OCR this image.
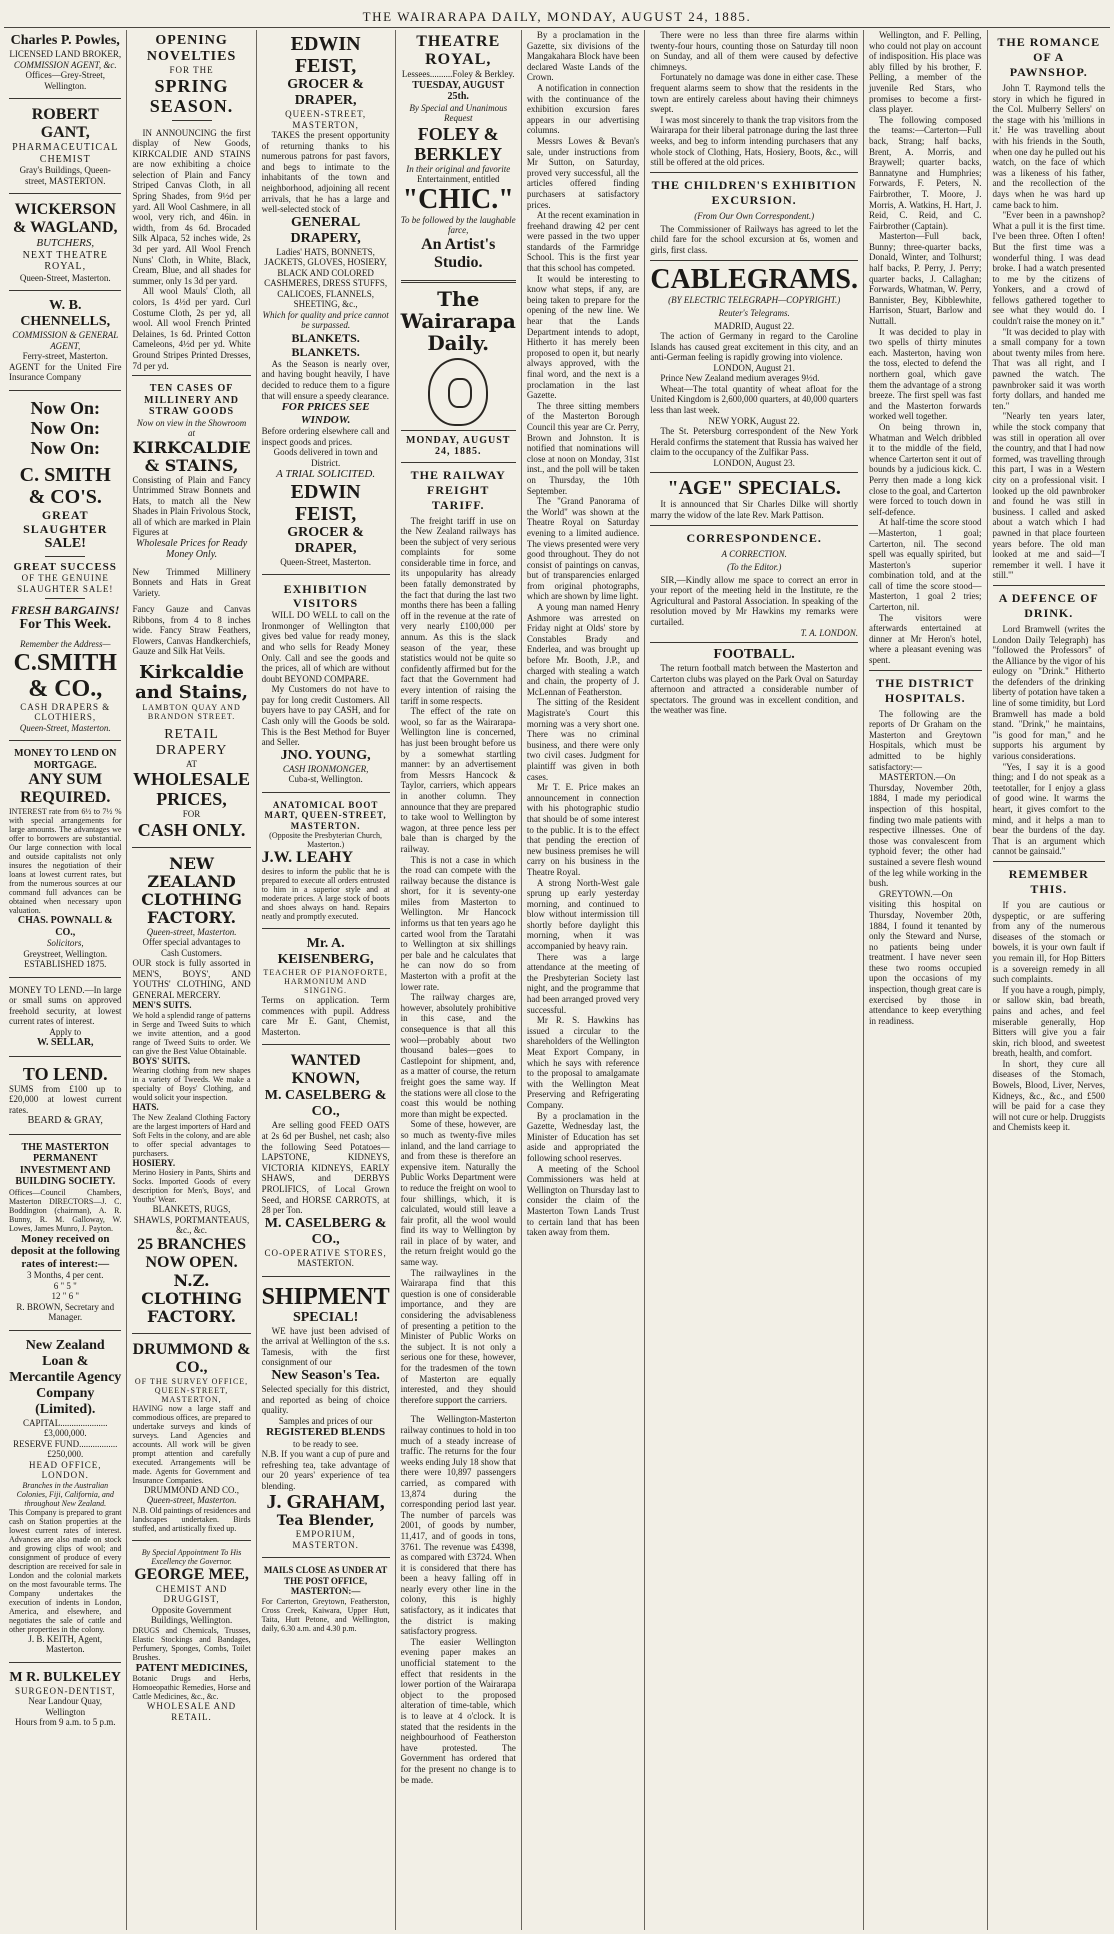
THE WAIRARAPA DAILY, MONDAY, AUGUST 24, 1885.
Charles P. Powles,
LICENSED LAND BROKER,
COMMISSION AGENT, &c.
Offices—Grey-Street, Wellington.
ROBERT GANT,
PHARMACEUTICAL CHEMIST
Gray's Buildings, Queen-street, MASTERTON.
WICKERSON & WAGLAND,
BUTCHERS,
NEXT THEATRE ROYAL,
Queen-Street, Masterton.
W. B. CHENNELLS,
COMMISSION & GENERAL AGENT,
Ferry-street, Masterton.
AGENT for the United Fire Insurance Company
Now On:
Now On:
Now On:
C. SMITH & CO'S.
GREAT SLAUGHTER
SALE!
GREAT SUCCESS
OF THE GENUINE SLAUGHTER SALE!
FRESH BARGAINS!
For This Week.
Remember the Address—
C.SMITH & CO.,
CASH DRAPERS & CLOTHIERS,
Queen-Street, Masterton.
MONEY TO LEND ON MORTGAGE.
ANY SUM REQUIRED.
INTEREST rate from 6½ to 7½ % with special arrangements for large amounts. The advantages we offer to borrowers are substantial. Our large connection with local and outside capitalists not only insures the negotiation of their loans at lowest current rates, but from the numerous sources at our command full advances can be obtained when necessary upon valuation.
CHAS. POWNALL & CO.,
Solicitors,
Greystreet, Wellington.
ESTABLISHED 1875.
MONEY TO LEND.—In large or small sums on approved freehold security, at lowest current rates of interest.
Apply to
W. SELLAR,
TO LEND.
SUMS from £100 up to £20,000 at lowest current rates.
BEARD & GRAY,
THE MASTERTON PERMANENT INVESTMENT AND BUILDING SOCIETY.
Offices—Council Chambers, Masterton DIRECTORS—J. C. Boddington (chairman), A. R. Bunny, R. M. Galloway, W. Lowes, James Munro, J. Payton.
Money received on deposit at the following rates of interest:—
3 Months, 4 per cent.
6 " 5 "
12 " 6 "
R. BROWN, Secretary and Manager.
New Zealand Loan & Mercantile Agency Company (Limited).
CAPITAL.....................£3,000,000.
RESERVE FUND.................£250,000.
HEAD OFFICE, LONDON.
Branches in the Australian Colonies, Fiji, California, and throughout New Zealand.
This Company is prepared to grant cash on Station properties at the lowest current rates of interest. Advances are also made on stock and growing clips of wool; and consignment of produce of every description are received for sale in London and the colonial markets on the most favourable terms. The Company undertakes the execution of indents in London, America, and elsewhere, and negotiates the sale of cattle and other properties in the colony.
J. B. KEITH, Agent,
Masterton.
M R. BULKELEY
SURGEON-DENTIST,
Near Landour Quay, Wellington
Hours from 9 a.m. to 5 p.m.
OPENING NOVELTIES
FOR THE
SPRING SEASON.
IN ANNOUNCING the first display of New Goods, KIRKCALDIE AND STAINS are now exhibiting a choice selection of Plain and Fancy Striped Canvas Cloth, in all Spring Shades, from 9½d per yard. All Wool Cashmere, in all wool, very rich, and 46in. in width, from 4s 6d. Brocaded Silk Alpaca, 52 inches wide, 2s 3d per yard. All Wool French Nuns' Cloth, in White, Black, Cream, Blue, and all shades for summer, only 1s 3d per yard.
All wool Mauls' Cloth, all colors, 1s 4½d per yard. Curl Costume Cloth, 2s per yd, all wool. All wool French Printed Delaines, 1s 6d. Printed Cotton Cameleons, 4½d per yd. White Ground Stripes Printed Dresses, 7d per yd.
TEN CASES OF MILLINERY AND STRAW GOODS
Now on view in the Showroom at
KIRKCALDIE & STAINS,
Consisting of Plain and Fancy Untrimmed Straw Bonnets and Hats, to match all the New Shades in Plain Frivolous Stock, all of which are marked in Plain Figures at
Wholesale Prices for Ready Money Only.
New Trimmed Millinery Bonnets and Hats in Great Variety.
Fancy Gauze and Canvas Ribbons, from 4 to 8 inches wide. Fancy Straw Feathers, Flowers, Canvas Handkerchiefs, Gauze and Silk Hat Veils.
Kirkcaldie and Stains,
LAMBTON QUAY AND BRANDON STREET.
RETAIL DRAPERY
AT
WHOLESALE PRICES,
FOR
CASH ONLY.
NEW ZEALAND CLOTHING FACTORY.
Queen-street, Masterton.
Offer special advantages to Cash Customers.
OUR stock is fully assorted in MEN'S, BOYS', AND YOUTHS' CLOTHING, AND GENERAL MERCERY.
MEN'S SUITS.
We hold a splendid range of patterns in Serge and Tweed Suits to which we invite attention, and a good range of Tweed Suits to order. We can give the Best Value Obtainable.
BOYS' SUITS.
Wearing clothing from new shapes in a variety of Tweeds. We make a specialty of Boys' Clothing, and would solicit your inspection.
HATS.
The New Zealand Clothing Factory are the largest importers of Hard and Soft Felts in the colony, and are able to offer special advantages to purchasers.
HOSIERY.
Merino Hosiery in Pants, Shirts and Socks. Imported Goods of every description for Men's, Boys', and Youths' Wear.
BLANKETS, RUGS, SHAWLS, PORTMANTEAUS, &c., &c.
25 BRANCHES NOW OPEN.
N.Z. CLOTHING FACTORY.
DRUMMOND & CO.,
OF THE SURVEY OFFICE, QUEEN-STREET, MASTERTON,
HAVING now a large staff and commodious offices, are prepared to undertake surveys and kinds of surveys. Land Agencies and accounts. All work will be given prompt attention and carefully executed. Arrangements will be made. Agents for Government and Insurance Companies.
DRUMMOND AND CO.,
Queen-street, Masterton.
N.B. Old paintings of residences and landscapes undertaken. Birds stuffed, and artistically fixed up.
By Special Appointment To His Excellency the Governor.
GEORGE MEE,
CHEMIST AND DRUGGIST,
Opposite Government Buildings, Wellington.
DRUGS and Chemicals, Trusses, Elastic Stockings and Bandages, Perfumery, Sponges, Combs, Toilet Brushes.
PATENT MEDICINES,
Botanic Drugs and Herbs, Homoeopathic Remedies, Horse and Cattle Medicines, &c., &c.
WHOLESALE AND RETAIL.
EDWIN FEIST,
GROCER & DRAPER,
QUEEN-STREET, MASTERTON,
TAKES the present opportunity of returning thanks to his numerous patrons for past favors, and begs to intimate to the inhabitants of the town and neighborhood, adjoining all recent arrivals, that he has a large and well-selected stock of
GENERAL DRAPERY,
Ladies' HATS, BONNETS, JACKETS, GLOVES, HOSIERY, BLACK AND COLORED CASHMERES, DRESS STUFFS, CALICOES, FLANNELS, SHEETING, &c.,
Which for quality and price cannot be surpassed.
BLANKETS. BLANKETS.
As the Season is nearly over, and having bought heavily, I have decided to reduce them to a figure that will ensure a speedy clearance.
FOR PRICES SEE WINDOW.
Before ordering elsewhere call and inspect goods and prices.
Goods delivered in town and District.
A TRIAL SOLICITED.
EDWIN FEIST,
GROCER & DRAPER,
Queen-Street, Masterton.
EXHIBITION VISITORS
WILL DO WELL to call on the Ironmonger of Wellington that gives bed value for ready money, and who sells for Ready Money Only. Call and see the goods and the prices, all of which are without doubt BEYOND COMPARE.
My Customers do not have to pay for long credit Customers. All buyers have to pay CASH, and for Cash only will the Goods be sold. This is the Best Method for Buyer and Seller.
JNO. YOUNG,
CASH IRONMONGER,
Cuba-st, Wellington.
ANATOMICAL BOOT MART, QUEEN-STREET, MASTERTON.
(Opposite the Presbyterian Church, Masterton.)
J.W. LEAHY
desires to inform the public that he is prepared to execute all orders entrusted to him in a superior style and at moderate prices. A large stock of boots and shoes always on hand. Repairs neatly and promptly executed.
Mr. A. KEISENBERG,
TEACHER OF PIANOFORTE, HARMONIUM AND SINGING.
Terms on application. Term commences with pupil. Address care Mr E. Gant, Chemist, Masterton.
WANTED KNOWN,
M. CASELBERG & CO.,
Are selling good FEED OATS at 2s 6d per Bushel, net cash; also the following Seed Potatoes—LAPSTONE, KIDNEYS, VICTORIA KIDNEYS, EARLY SHAWS, and DERBYS PROLIFICS, of Local Grown Seed, and HORSE CARROTS, at 28 per Ton.
M. CASELBERG & CO.,
CO-OPERATIVE STORES,
MASTERTON.
SHIPMENT
SPECIAL!
WE have just been advised of the arrival at Wellington of the s.s. Tamesis, with the first consignment of our
New Season's Tea.
Selected specially for this district, and reported as being of choice quality.
Samples and prices of our
REGISTERED BLENDS
to be ready to see.
N.B. If you want a cup of pure and refreshing tea, take advantage of our 20 years' experience of tea blending.
J. GRAHAM,
Tea Blender,
EMPORIUM, MASTERTON.
MAILS CLOSE AS UNDER AT THE POST OFFICE, MASTERTON:—
For Carterton, Greytown, Featherston, Cross Creek, Kaiwara, Upper Hutt, Taita, Hutt Petone, and Wellington, daily, 6.30 a.m. and 4.30 p.m.
THEATRE ROYAL,
Lessees..........Foley & Berkley.
TUESDAY, AUGUST 25th.
By Special and Unanimous Request
FOLEY & BERKLEY
In their original and favorite
Entertainment, entitled
"CHIC."
To be followed by the laughable farce,
An Artist's Studio.
The Wairarapa Daily.
MONDAY, AUGUST 24, 1885.
THE RAILWAY FREIGHT TARIFF.
The freight tariff in use on the New Zealand railways has been the subject of very serious complaints for some considerable time in force, and its unpopularity has already been fatally demonstrated by the fact that during the last two months there has been a falling off in the revenue at the rate of very nearly £100,000 per annum. As this is the slack season of the year, these statistics would not be quite so confidently affirmed but for the fact that the Government had every intention of raising the tariff in some respects.
The effect of the rate on wool, so far as the Wairarapa-Wellington line is concerned, has just been brought before us by a somewhat startling manner: by an advertisement from Messrs Hancock & Taylor, carriers, which appears in another column. They announce that they are prepared to take wool to Wellington by wagon, at three pence less per bale than is charged by the railway.
This is not a case in which the road can compete with the railway because the distance is short, for it is seventy-one miles from Masterton to Wellington. Mr Hancock informs us that ten years ago he carted wool from the Taratahi to Wellington at six shillings per bale and he calculates that he can now do so from Masterton with a profit at the lower rate.
The railway charges are, however, absolutely prohibitive in this case, and the consequence is that all this wool—probably about two thousand bales—goes to Castlepoint for shipment, and, as a matter of course, the return freight goes the same way. If the stations were all close to the coast this would be nothing more than might be expected.
Some of these, however, are so much as twenty-five miles inland, and the land carriage to and from these is therefore an expensive item. Naturally the Public Works Department were to reduce the freight on wool to four shillings, which, it is calculated, would still leave a fair profit, all the wool would find its way to Wellington by rail in place of by water, and the return freight would go the same way.
The railwaylines in the Wairarapa find that this question is one of considerable importance, and they are considering the advisableness of presenting a petition to the Minister of Public Works on the subject. It is not only a serious one for these, however, for the tradesmen of the town of Masterton are equally interested, and they should therefore support the carriers.
The Wellington-Masterton railway continues to hold in too much of a steady increase of traffic. The returns for the four weeks ending July 18 show that there were 10,897 passengers carried, as compared with 13,874 during the corresponding period last year. The number of parcels was 2001, of goods by number, 11,417, and of goods in tons, 3761. The revenue was £4398, as compared with £3724. When it is considered that there has been a heavy falling off in nearly every other line in the colony, this is highly satisfactory, as it indicates that the district is making satisfactory progress.
The easier Wellington evening paper makes an unofficial statement to the effect that residents in the lower portion of the Wairarapa object to the proposed alteration of time-table, which is to leave at 4 o'clock. It is stated that the residents in the neighbourhood of Featherston have protested. The Government has ordered that for the present no change is to be made.
By a proclamation in the Gazette, six divisions of the Mangakahara Block have been declared Waste Lands of the Crown.
A notification in connection with the continuance of the exhibition excursion fares appears in our advertising columns.
Messrs Lowes & Bevan's sale, under instructions from Mr Sutton, on Saturday, proved very successful, all the articles offered finding purchasers at satisfactory prices.
At the recent examination in freehand drawing 42 per cent were passed in the two upper standards of the Farmridge School. This is the first year that this school has competed.
It would be interesting to know what steps, if any, are being taken to prepare for the opening of the new line. We hear that the Lands Department intends to adopt, Hitherto it has merely been proposed to open it, but nearly always approved, with the final word, and the next is a proclamation in the last Gazette.
The three sitting members of the Masterton Borough Council this year are Cr. Perry, Brown and Johnston. It is notified that nominations will close at noon on Monday, 31st inst., and the poll will be taken on Thursday, the 10th September.
The "Grand Panorama of the World" was shown at the Theatre Royal on Saturday evening to a limited audience. The views presented were very good throughout. They do not consist of paintings on canvas, but of transparencies enlarged from original photographs, which are shown by lime light.
A young man named Henry Ashmore was arrested on Friday night at Olds' store by Constables Brady and Enderlea, and was brought up before Mr. Booth, J.P., and charged with stealing a watch and chain, the property of J. McLennan of Featherston.
The sitting of the Resident Magistrate's Court this morning was a very short one. There was no criminal business, and there were only two civil cases. Judgment for plaintiff was given in both cases.
Mr T. E. Price makes an announcement in connection with his photographic studio that should be of some interest to the public. It is to the effect that pending the erection of new business premises he will carry on his business in the Theatre Royal.
A strong North-West gale sprung up early yesterday morning, and continued to blow without intermission till shortly before daylight this morning, when it was accompanied by heavy rain.
There was a large attendance at the meeting of the Presbyterian Society last night, and the programme that had been arranged proved very successful.
Mr R. S. Hawkins has issued a circular to the shareholders of the Wellington Meat Export Company, in which he says with reference to the proposal to amalgamate with the Wellington Meat Preserving and Refrigerating Company.
By a proclamation in the Gazette, Wednesday last, the Minister of Education has set aside and appropriated the following school reserves.
A meeting of the School Commissioners was held at Wellington on Thursday last to consider the claim of the Masterton Town Lands Trust to certain land that has been taken away from them.
There were no less than three fire alarms within twenty-four hours, counting those on Saturday till noon on Sunday, and all of them were caused by defective chimneys.
Fortunately no damage was done in either case. These frequent alarms seem to show that the residents in the town are entirely careless about having their chimneys swept.
I was most sincerely to thank the trap visitors from the Wairarapa for their liberal patronage during the last three weeks, and beg to inform intending purchasers that any whole stock of Clothing, Hats, Hosiery, Boots, &c., will still be offered at the old prices.
THE CHILDREN'S EXHIBITION EXCURSION.
(From Our Own Correspondent.)
The Commissioner of Railways has agreed to let the child fare for the school excursion at 6s, women and girls, first class.
CABLEGRAMS.
(BY ELECTRIC TELEGRAPH—COPYRIGHT.)
Reuter's Telegrams.
MADRID, August 22.
The action of Germany in regard to the Caroline Islands has caused great excitement in this city, and an anti-German feeling is rapidly growing into violence.
LONDON, August 21.
Prince New Zealand medium averages 9½d.
Wheat—The total quantity of wheat afloat for the United Kingdom is 2,600,000 quarters, at 40,000 quarters less than last week.
NEW YORK, August 22.
The St. Petersburg correspondent of the New York Herald confirms the statement that Russia has waived her claim to the occupancy of the Zulfikar Pass.
LONDON, August 23.
"AGE" SPECIALS.
It is announced that Sir Charles Dilke will shortly marry the widow of the late Rev. Mark Pattison.
CORRESPONDENCE.
A CORRECTION.
(To the Editor.)
SIR,—Kindly allow me space to correct an error in your report of the meeting held in the Institute, re the Agricultural and Pastoral Association. In speaking of the resolution moved by Mr Hawkins my remarks were curtailed.
T. A. LONDON.
FOOTBALL.
The return football match between the Masterton and Carterton clubs was played on the Park Oval on Saturday afternoon and attracted a considerable number of spectators. The ground was in excellent condition, and the weather was fine.
Wellington, and F. Pelling, who could not play on account of indisposition. His place was ably filled by his brother, F. Pelling, a member of the juvenile Red Stars, who promises to become a first-class player.
The following composed the teams:—Carterton—Full back, Strang; half backs, Brent, A. Morris, and Braywell; quarter backs, Bannatyne and Humphries; Forwards, F. Peters, N. Fairbrother, T. Moore, J. Morris, A. Watkins, H. Hart, J. Reid, C. Reid, and C. Fairbrother (Captain).
Masterton—Full back, Bunny; three-quarter backs, Donald, Winter, and Tolhurst; half backs, P. Perry, J. Perry; quarter backs, J. Callaghan; Forwards, Whatman, W. Perry, Bannister, Bey, Kibblewhite, Harrison, Stuart, Barlow and Nuttall.
It was decided to play in two spells of thirty minutes each. Masterton, having won the toss, elected to defend the northern goal, which gave them the advantage of a strong breeze. The first spell was fast and the Masterton forwards worked well together.
On being thrown in, Whatman and Welch dribbled it to the middle of the field, whence Carterton sent it out of bounds by a judicious kick. C. Perry then made a long kick close to the goal, and Carterton were forced to touch down in self-defence.
At half-time the score stood—Masterton, 1 goal; Carterton, nil. The second spell was equally spirited, but Masterton's superior combination told, and at the call of time the score stood—Masterton, 1 goal 2 tries; Carterton, nil.
The visitors were afterwards entertained at dinner at Mr Heron's hotel, where a pleasant evening was spent.
THE DISTRICT HOSPITALS.
The following are the reports of Dr Graham on the Masterton and Greytown Hospitals, which must be admitted to be highly satisfactory:—
MASTERTON.—On Thursday, November 20th, 1884, I made my periodical inspection of this hospital, finding two male patients with respective illnesses. One of those was convalescent from typhoid fever; the other had sustained a severe flesh wound of the leg while working in the bush.
GREYTOWN.—On visiting this hospital on Thursday, November 20th, 1884, I found it tenanted by only the Steward and Nurse, no patients being under treatment. I have never seen these two rooms occupied upon the occasions of my inspection, though great care is exercised by those in attendance to keep everything in readiness.
THE ROMANCE OF A PAWNSHOP.
John T. Raymond tells the story in which he figured in the Col. Mulberry Sellers' on the stage with his 'millions in it.' He was travelling about with his friends in the South, when one day he pulled out his watch, on the face of which was a likeness of his father, and the recollection of the days when he was hard up came back to him.
"Ever been in a pawnshop? What a pull it is the first time. I've been three. Often I often! But the first time was a wonderful thing. I was dead broke. I had a watch presented to me by the citizens of Yonkers, and a crowd of fellows gathered together to see what they would do. I couldn't raise the money on it."
"It was decided to play with a small company for a town about twenty miles from here. That was all right, and I pawned the watch. The pawnbroker said it was worth forty dollars, and handed me ten."
"Nearly ten years later, while the stock company that was still in operation all over the country, and that I had now formed, was travelling through this part, I was in a Western city on a professional visit. I looked up the old pawnbroker and found he was still in business. I called and asked about a watch which I had pawned in that place fourteen years before. The old man looked at me and said—'I remember it well. I have it still.'"
A DEFENCE OF DRINK.
Lord Bramwell (writes the London Daily Telegraph) has "followed the Professors" of the Alliance by the vigor of his eulogy on "Drink." Hitherto the defenders of the drinking liberty of potation have taken a line of some timidity, but Lord Bramwell has made a bold stand. "Drink," he maintains, "is good for man," and he supports his argument by various considerations.
"Yes, I say it is a good thing; and I do not speak as a teetotaller, for I enjoy a glass of good wine. It warms the heart, it gives comfort to the mind, and it helps a man to bear the burdens of the day. That is an argument which cannot be gainsaid."
REMEMBER THIS.
If you are cautious or dyspeptic, or are suffering from any of the numerous diseases of the stomach or bowels, it is your own fault if you remain ill, for Hop Bitters is a sovereign remedy in all such complaints.
If you have a rough, pimply, or sallow skin, bad breath, pains and aches, and feel miserable generally, Hop Bitters will give you a fair skin, rich blood, and sweetest breath, health, and comfort.
In short, they cure all diseases of the Stomach, Bowels, Blood, Liver, Nerves, Kidneys, &c., &c., and £500 will be paid for a case they will not cure or help. Druggists and Chemists keep it.
